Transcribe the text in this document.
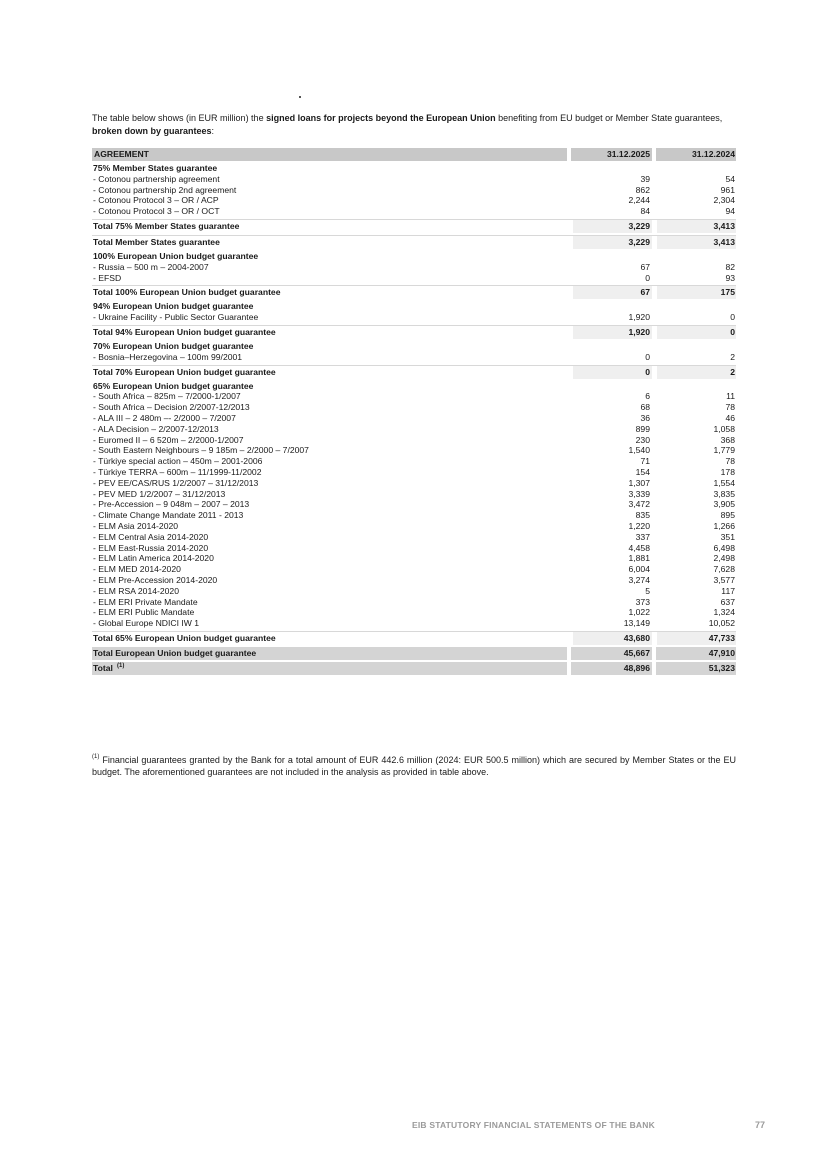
The table below shows (in EUR million) the signed loans for projects beyond the European Union benefiting from EU budget or Member State guarantees, broken down by guarantees:
AGREEMENT	31.12.2025	31.12.2024
75% Member States guarantee
- Cotonou partnership agreement	39	54
- Cotonou partnership 2nd agreement	862	961
- Cotonou Protocol 3 – OR / ACP	2,244	2,304
- Cotonou Protocol 3 – OR / OCT	84	94
Total 75% Member States guarantee	3,229	3,413
Total Member States guarantee	3,229	3,413
100% European Union budget guarantee
- Russia – 500 m – 2004-2007	67	82
- EFSD	0	93
Total 100% European Union budget guarantee	67	175
94% European Union budget guarantee
- Ukraine Facility - Public Sector Guarantee	1,920	0
Total 94% European Union budget guarantee	1,920	0
70% European Union budget guarantee
- Bosnia–Herzegovina – 100m 99/2001	0	2
Total 70% European Union budget guarantee	0	2
65% European Union budget guarantee
- South Africa – 825m – 7/2000-1/2007	6	11
- South Africa – Decision 2/2007-12/2013	68	78
- ALA III – 2 480m –- 2/2000 – 7/2007	36	46
- ALA Decision – 2/2007-12/2013	899	1,058
- Euromed II – 6 520m – 2/2000-1/2007	230	368
- South Eastern Neighbours – 9 185m – 2/2000 – 7/2007	1,540	1,779
- Türkiye special action – 450m – 2001-2006	71	78
- Türkiye TERRA – 600m – 11/1999-11/2002	154	178
- PEV EE/CAS/RUS 1/2/2007 – 31/12/2013	1,307	1,554
- PEV MED 1/2/2007 – 31/12/2013	3,339	3,835
- Pre-Accession – 9 048m – 2007 – 2013	3,472	3,905
- Climate Change Mandate 2011 - 2013	835	895
- ELM Asia 2014-2020	1,220	1,266
- ELM Central Asia 2014-2020	337	351
- ELM East-Russia 2014-2020	4,458	6,498
- ELM Latin America 2014-2020	1,881	2,498
- ELM MED 2014-2020	6,004	7,628
- ELM Pre-Accession 2014-2020	3,274	3,577
- ELM RSA 2014-2020	5	117
- ELM ERI Private Mandate	373	637
- ELM ERI Public Mandate	1,022	1,324
- Global Europe NDICI IW 1	13,149	10,052
Total 65% European Union budget guarantee	43,680	47,733
Total European Union budget guarantee	45,667	47,910
Total (1)	48,896	51,323
$^{(1)}$ Financial guarantees granted by the Bank for a total amount of EUR 442.6 million (2024: EUR 500.5 million) which are secured by Member States or the EU budget. The aforementioned guarantees are not included in the analysis as provided in table above.
EIB STATUTORY FINANCIAL STATEMENTS OF THE BANK	77
